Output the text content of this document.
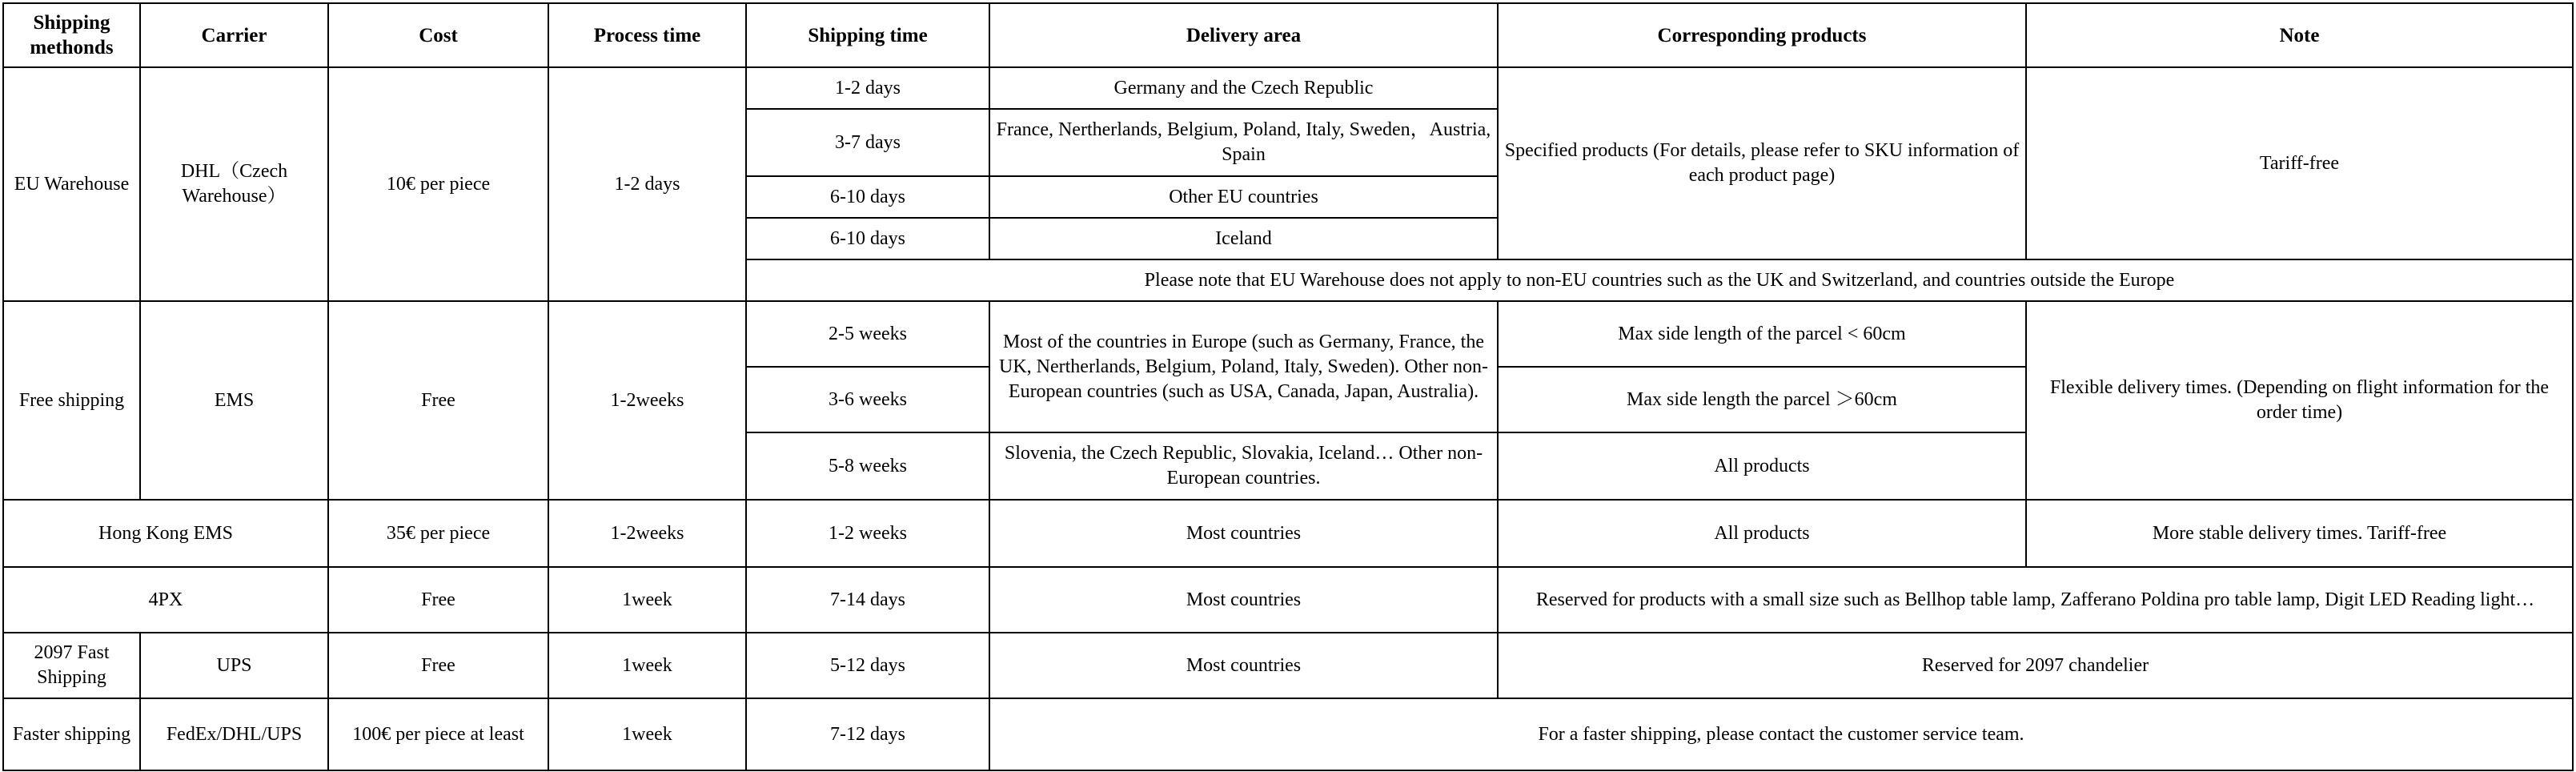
Shipping methonds	Carrier	Cost	Process time	Shipping time	Delivery area	Corresponding products	Note
EU Warehouse	DHL（Czech Warehouse）	10€ per piece	1-2 days	1-2 days	Germany and the Czech Republic	Specified products (For details, please refer to SKU information of each product page)	Tariff-free
				3-7 days	France, Nertherlands, Belgium, Poland, Italy, Sweden，Austria, Spain		
				6-10 days	Other EU countries		
				6-10 days	Iceland		
				Please note that EU Warehouse does not apply to non-EU countries such as the UK and Switzerland, and countries outside the Europe			
Free shipping	EMS	Free	1-2weeks	2-5 weeks	Most of the countries in Europe (such as Germany, France, the UK, Nertherlands, Belgium, Poland, Italy, Sweden). Other non-European countries (such as USA, Canada, Japan, Australia).	Max side length of the parcel < 60cm	Flexible delivery times. (Depending on flight information for the order time)
				3-6 weeks		Max side length the parcel ＞60cm	
				5-8 weeks	Slovenia, the Czech Republic, Slovakia, Iceland… Other non-European countries.	All products	
Hong Kong EMS		35€ per piece	1-2weeks	1-2 weeks	Most countries	All products	More stable delivery times. Tariff-free
4PX		Free	1week	7-14 days	Most countries	Reserved for products with a small size such as Bellhop table lamp, Zafferano Poldina pro table lamp, Digit LED Reading light…	
2097 Fast Shipping	UPS	Free	1week	5-12 days	Most countries	Reserved for 2097 chandelier	
Faster shipping	FedEx/DHL/UPS	100€ per piece at least	1week	7-12 days	For a faster shipping, please contact the customer service team.		
